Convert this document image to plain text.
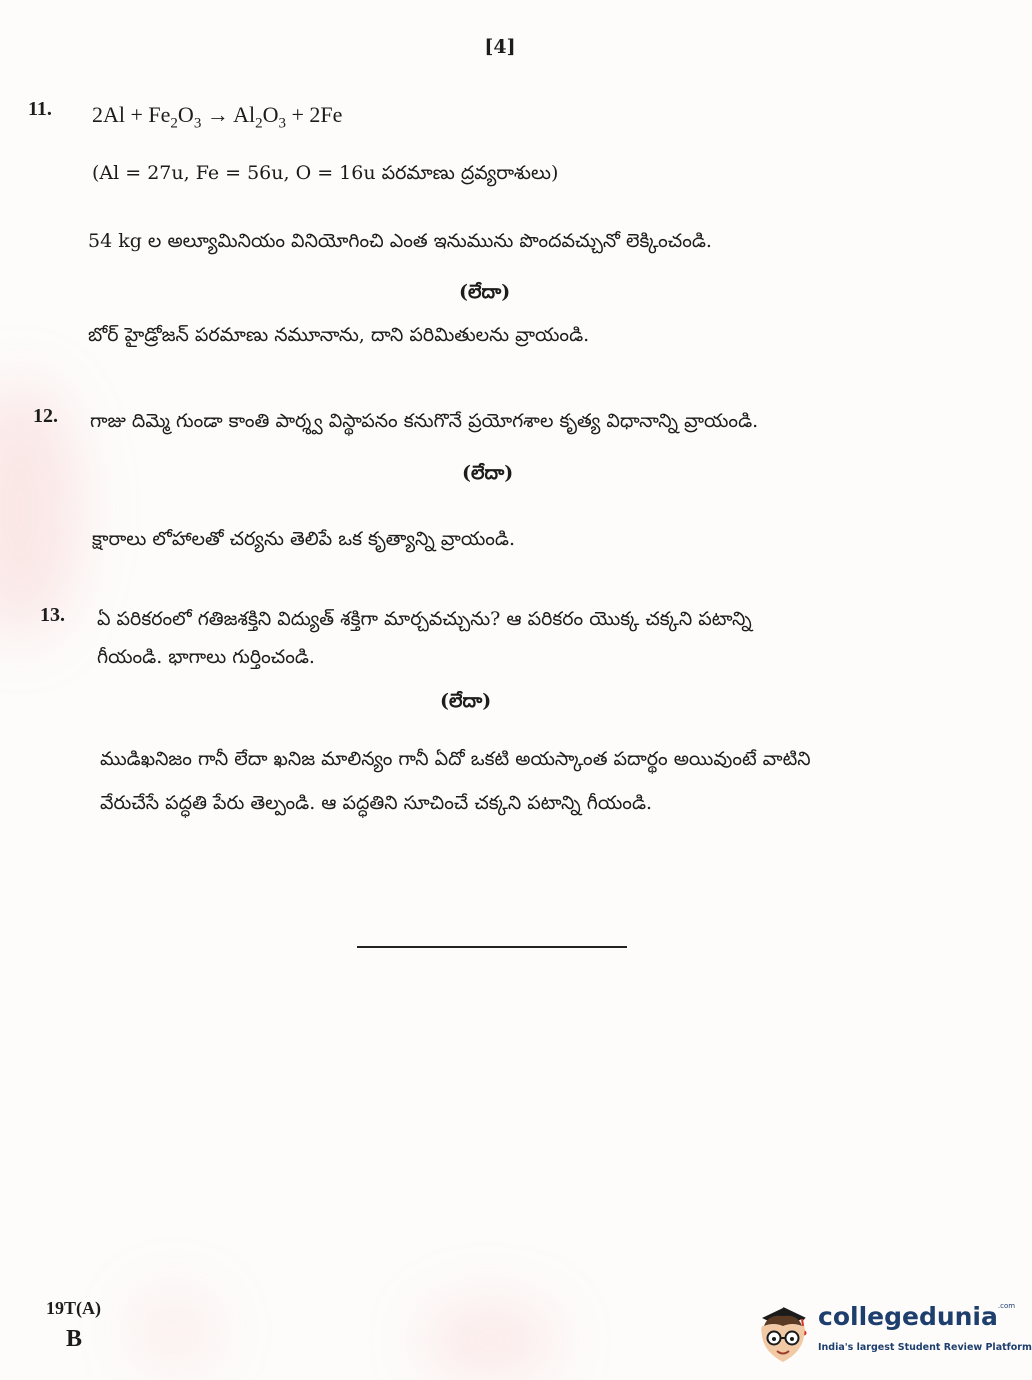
[4]
11. $2Al + Fe_2O_3 \to Al_2O_3 + 2Fe$
(Al = 27u, Fe = 56u, O = 16u పరమాణు ద్రవ్యరాశులు)
54 kg ల అల్యూమినియం వినియోగించి ఎంత ఇనుమును పొందవచ్చునో లెక్కించండి.
(లేదా)
బోర్ హైడ్రోజన్ పరమాణు నమూనాను, దాని పరిమితులను వ్రాయండి.
12. గాజు దిమ్మె గుండా కాంతి పార్శ్వ విస్థాపనం కనుగొనే ప్రయోగశాల కృత్య విధానాన్ని వ్రాయండి.
(లేదా)
క్షారాలు లోహాలతో చర్యను తెలిపే ఒక కృత్యాన్ని వ్రాయండి.
13. ఏ పరికరంలో గతిజశక్తిని విద్యుత్ శక్తిగా మార్చవచ్చును? ఆ పరికరం యొక్క చక్కని పటాన్ని
గీయండి. భాగాలు గుర్తించండి.
(లేదా)
ముడిఖనిజం గానీ లేదా ఖనిజ మాలిన్యం గానీ ఏదో ఒకటి అయస్కాంత పదార్థం అయివుంటే వాటిని
వేరుచేసే పద్ధతి పేరు తెల్పండి. ఆ పద్ధతిని సూచించే చక్కని పటాన్ని గీయండి.
19T(A)
B
collegedunia$^{.com}$
India's largest Student Review Platform
